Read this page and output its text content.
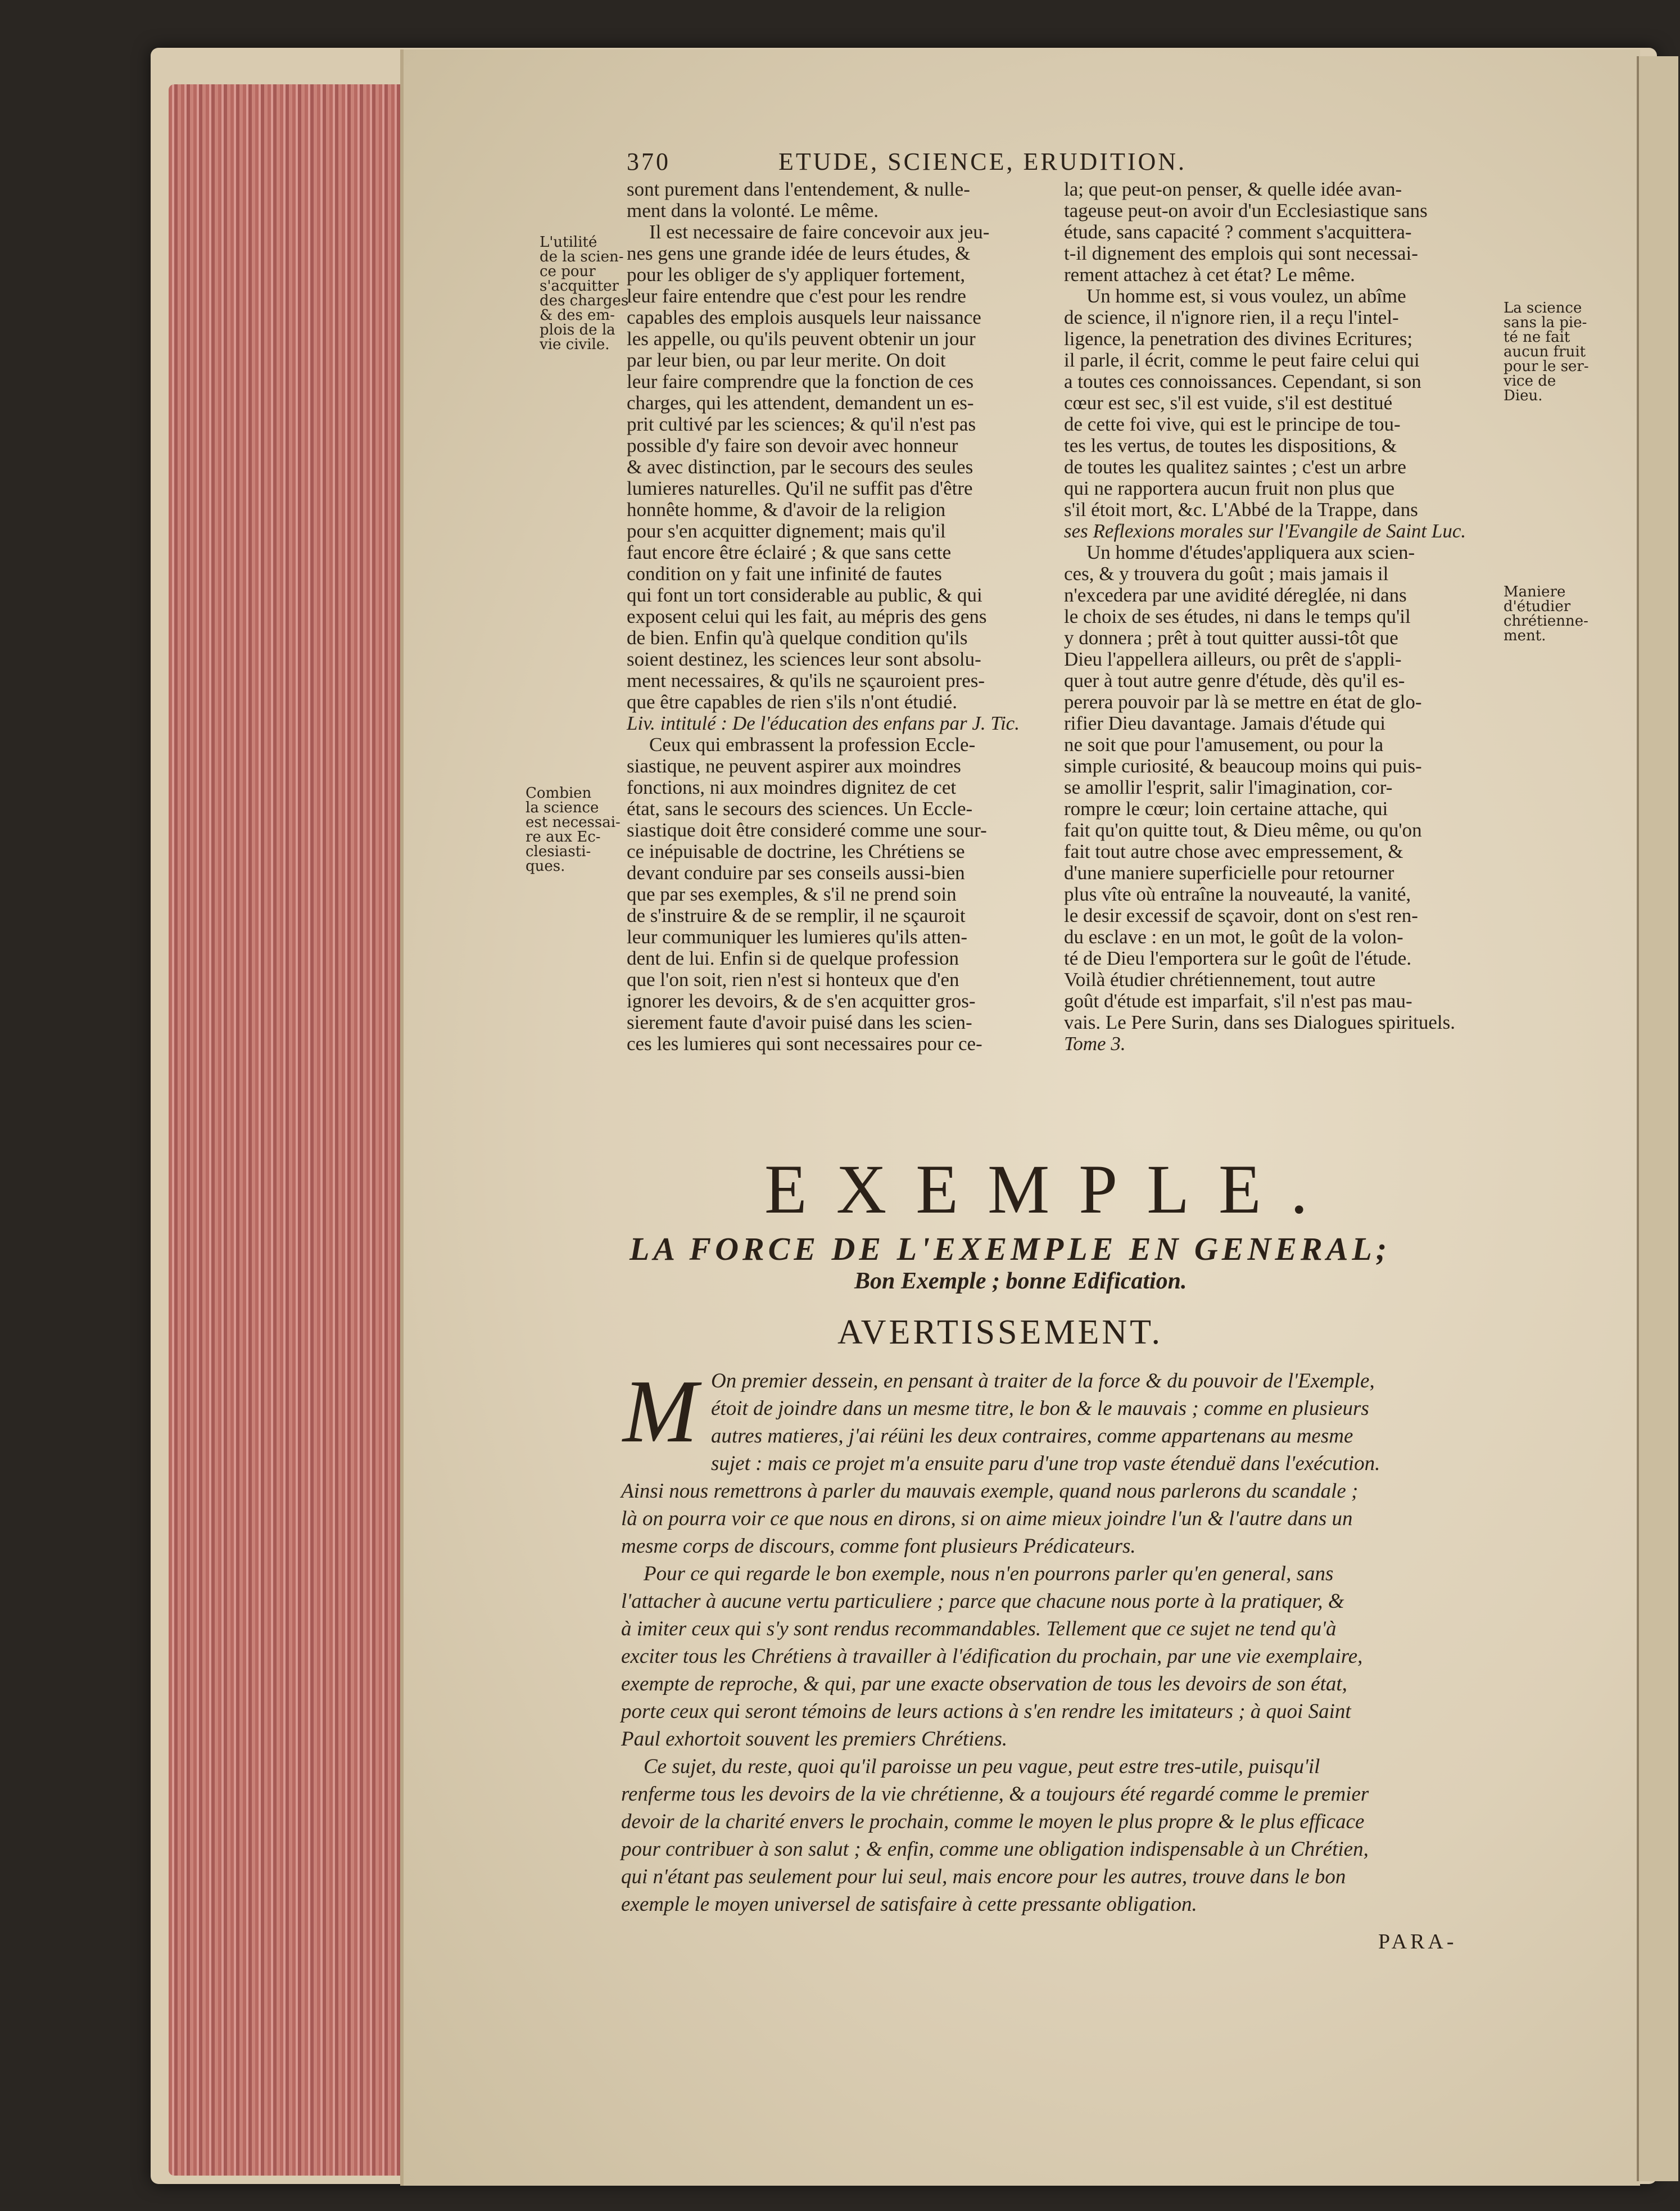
370	ETUDE, SCIENCE, ERUDITION.
L'utilité
de la scien-
ce pour
s'acquitter
des charges
& des em-
plois de la
vie civile.
Combien
la science
est necessai-
re aux Ec-
clesiasti-
ques.
La science
sans la pie-
té ne fait
aucun fruit
pour le ser-
vice de
Dieu.
Maniere
d'étudier
chrétienne-
ment.
sont purement dans l'entendement, & nulle-
ment dans la volonté. Le même.
Il est necessaire de faire concevoir aux jeu-
nes gens une grande idée de leurs études, &
pour les obliger de s'y appliquer fortement,
leur faire entendre que c'est pour les rendre
capables des emplois ausquels leur naissance
les appelle, ou qu'ils peuvent obtenir un jour
par leur bien, ou par leur merite. On doit
leur faire comprendre que la fonction de ces
charges, qui les attendent, demandent un es-
prit cultivé par les sciences; & qu'il n'est pas
possible d'y faire son devoir avec honneur
& avec distinction, par le secours des seules
lumieres naturelles. Qu'il ne suffit pas d'être
honnête homme, & d'avoir de la religion
pour s'en acquitter dignement; mais qu'il
faut encore être éclairé ; & que sans cette
condition on y fait une infinité de fautes
qui font un tort considerable au public, & qui
exposent celui qui les fait, au mépris des gens
de bien. Enfin qu'à quelque condition qu'ils
soient destinez, les sciences leur sont absolu-
ment necessaires, & qu'ils ne sçauroient pres-
que être capables de rien s'ils n'ont étudié.
Liv. intitulé : De l'éducation des enfans par J. Tic.
Ceux qui embrassent la profession Eccle-
siastique, ne peuvent aspirer aux moindres
fonctions, ni aux moindres dignitez de cet
état, sans le secours des sciences. Un Eccle-
siastique doit être consideré comme une sour-
ce inépuisable de doctrine, les Chrétiens se
devant conduire par ses conseils aussi-bien
que par ses exemples, & s'il ne prend soin
de s'instruire & de se remplir, il ne sçauroit
leur communiquer les lumieres qu'ils atten-
dent de lui. Enfin si de quelque profession
que l'on soit, rien n'est si honteux que d'en
ignorer les devoirs, & de s'en acquitter gros-
sierement faute d'avoir puisé dans les scien-
ces les lumieres qui sont necessaires pour ce-
la; que peut-on penser, & quelle idée avan-
tageuse peut-on avoir d'un Ecclesiastique sans
étude, sans capacité ? comment s'acquittera-
t-il dignement des emplois qui sont necessai-
rement attachez à cet état? Le même.
Un homme est, si vous voulez, un abîme
de science, il n'ignore rien, il a reçu l'intel-
ligence, la penetration des divines Ecritures;
il parle, il écrit, comme le peut faire celui qui
a toutes ces connoissances. Cependant, si son
cœur est sec, s'il est vuide, s'il est destitué
de cette foi vive, qui est le principe de tou-
tes les vertus, de toutes les dispositions, &
de toutes les qualitez saintes ; c'est un arbre
qui ne rapportera aucun fruit non plus que
s'il étoit mort, &c. L'Abbé de la Trappe, dans
ses Reflexions morales sur l'Evangile de Saint Luc.
Un homme d'études'appliquera aux scien-
ces, & y trouvera du goût ; mais jamais il
n'excedera par une avidité déreglée, ni dans
le choix de ses études, ni dans le temps qu'il
y donnera ; prêt à tout quitter aussi-tôt que
Dieu l'appellera ailleurs, ou prêt de s'appli-
quer à tout autre genre d'étude, dès qu'il es-
perera pouvoir par là se mettre en état de glo-
rifier Dieu davantage. Jamais d'étude qui
ne soit que pour l'amusement, ou pour la
simple curiosité, & beaucoup moins qui puis-
se amollir l'esprit, salir l'imagination, cor-
rompre le cœur; loin certaine attache, qui
fait qu'on quitte tout, & Dieu même, ou qu'on
fait tout autre chose avec empressement, &
d'une maniere superficielle pour retourner
plus vîte où entraîne la nouveauté, la vanité,
le desir excessif de sçavoir, dont on s'est ren-
du esclave : en un mot, le goût de la volon-
té de Dieu l'emportera sur le goût de l'étude.
Voilà étudier chrétiennement, tout autre
goût d'étude est imparfait, s'il n'est pas mau-
vais. Le Pere Surin, dans ses Dialogues spirituels.
Tome 3.
EXEMPLE.
LA FORCE DE L'EXEMPLE EN GENERAL;
Bon Exemple ; bonne Edification.
AVERTISSEMENT.
M On premier dessein, en pensant à traiter de la force & du pouvoir de l'Exemple,
étoit de joindre dans un mesme titre, le bon & le mauvais ; comme en plusieurs
autres matieres, j'ai réüni les deux contraires, comme appartenans au mesme
sujet : mais ce projet m'a ensuite paru d'une trop vaste étenduë dans l'exécution.
Ainsi nous remettrons à parler du mauvais exemple, quand nous parlerons du scandale ;
là on pourra voir ce que nous en dirons, si on aime mieux joindre l'un & l'autre dans un
mesme corps de discours, comme font plusieurs Prédicateurs.
Pour ce qui regarde le bon exemple, nous n'en pourrons parler qu'en general, sans
l'attacher à aucune vertu particuliere ; parce que chacune nous porte à la pratiquer, &
à imiter ceux qui s'y sont rendus recommandables. Tellement que ce sujet ne tend qu'à
exciter tous les Chrétiens à travailler à l'édification du prochain, par une vie exemplaire,
exempte de reproche, & qui, par une exacte observation de tous les devoirs de son état,
porte ceux qui seront témoins de leurs actions à s'en rendre les imitateurs ; à quoi Saint
Paul exhortoit souvent les premiers Chrétiens.
Ce sujet, du reste, quoi qu'il paroisse un peu vague, peut estre tres-utile, puisqu'il
renferme tous les devoirs de la vie chrétienne, & a toujours été regardé comme le premier
devoir de la charité envers le prochain, comme le moyen le plus propre & le plus efficace
pour contribuer à son salut ; & enfin, comme une obligation indispensable à un Chrétien,
qui n'étant pas seulement pour lui seul, mais encore pour les autres, trouve dans le bon
exemple le moyen universel de satisfaire à cette pressante obligation.
PARA-
